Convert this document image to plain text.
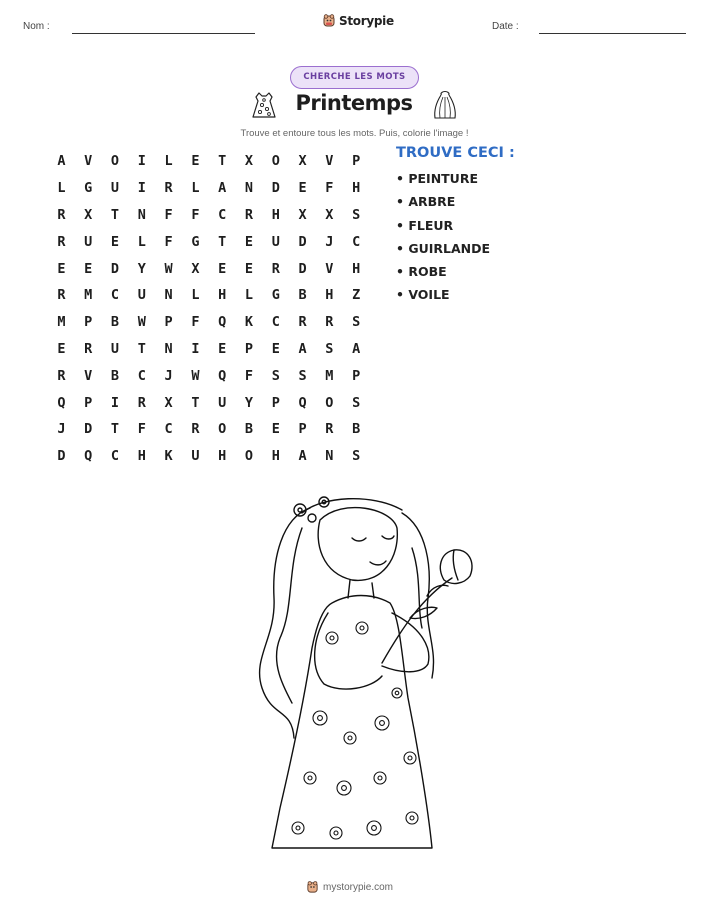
Nom :	Storypie	Date :
CHERCHE LES MOTS
Printemps
Trouve et entoure tous les mots. Puis, colorie l'image !
A	V	O	I	L	E	T	X	O	X	V	P
L	G	U	I	R	L	A	N	D	E	F	H
R	X	T	N	F	F	C	R	H	X	X	S
R	U	E	L	F	G	T	E	U	D	J	C
E	E	D	Y	W	X	E	E	R	D	V	H
R	M	C	U	N	L	H	L	G	B	H	Z
M	P	B	W	P	F	Q	K	C	R	R	S
E	R	U	T	N	I	E	P	E	A	S	A
R	V	B	C	J	W	Q	F	S	S	M	P
Q	P	I	R	X	T	U	Y	P	Q	O	S
J	D	T	F	C	R	O	B	E	P	R	B
D	Q	C	H	K	U	H	O	H	A	N	S
TROUVE CECI :
• PEINTURE
• ARBRE
• FLEUR
• GUIRLANDE
• ROBE
• VOILE
mystorypie.com
